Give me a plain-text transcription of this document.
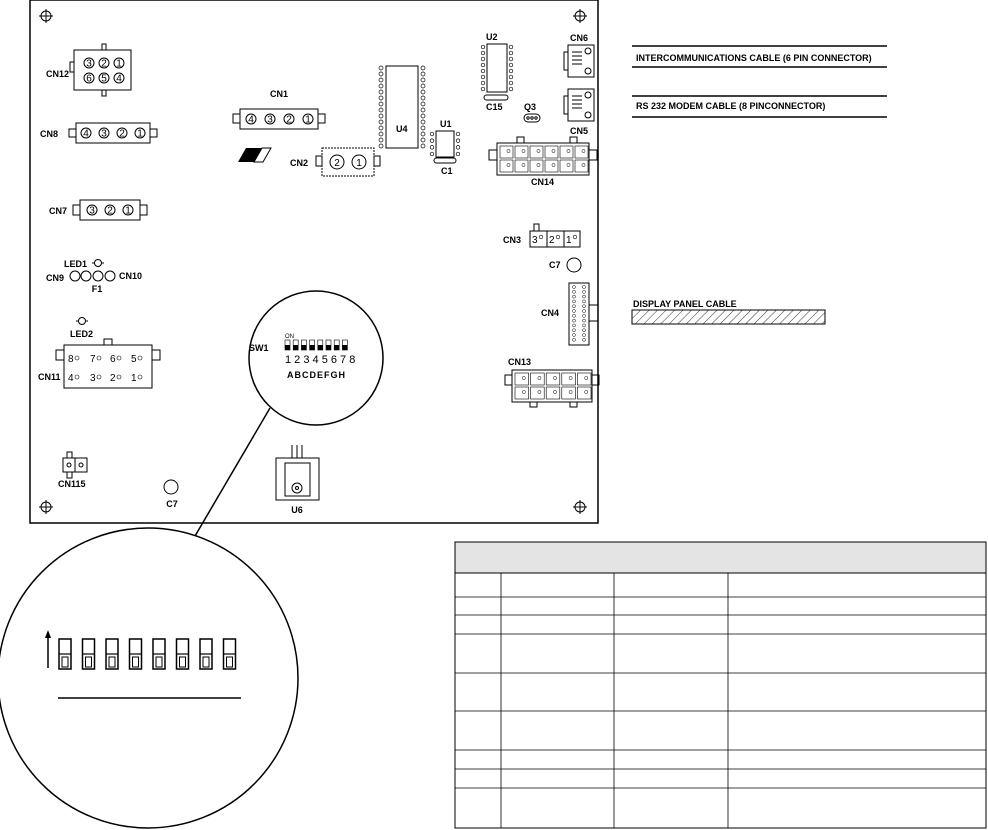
3 2 1
6 5 4
CN12
4 3 2 1
CN8
3 2 1
CN7
LED1
CN9	CN10
F1
LED2
8 7 6 5
4 3 2 1
CN11
CN115
C7
CN1
4 3 2 1
CN2	2 1
U4	U1
C1
U2
C15 Q3
CN6
CN5
CN14
CN3 3 2 1
C7
CN4
CN13
U6
SW1
ON
1 2 3 4 5 6 7 8
ABCDEFGH
INTERCOMMUNICATIONS CABLE (6 PIN CONNECTOR)
RS 232 MODEM CABLE (8 PINCONNECTOR)
DISPLAY PANEL CABLE
